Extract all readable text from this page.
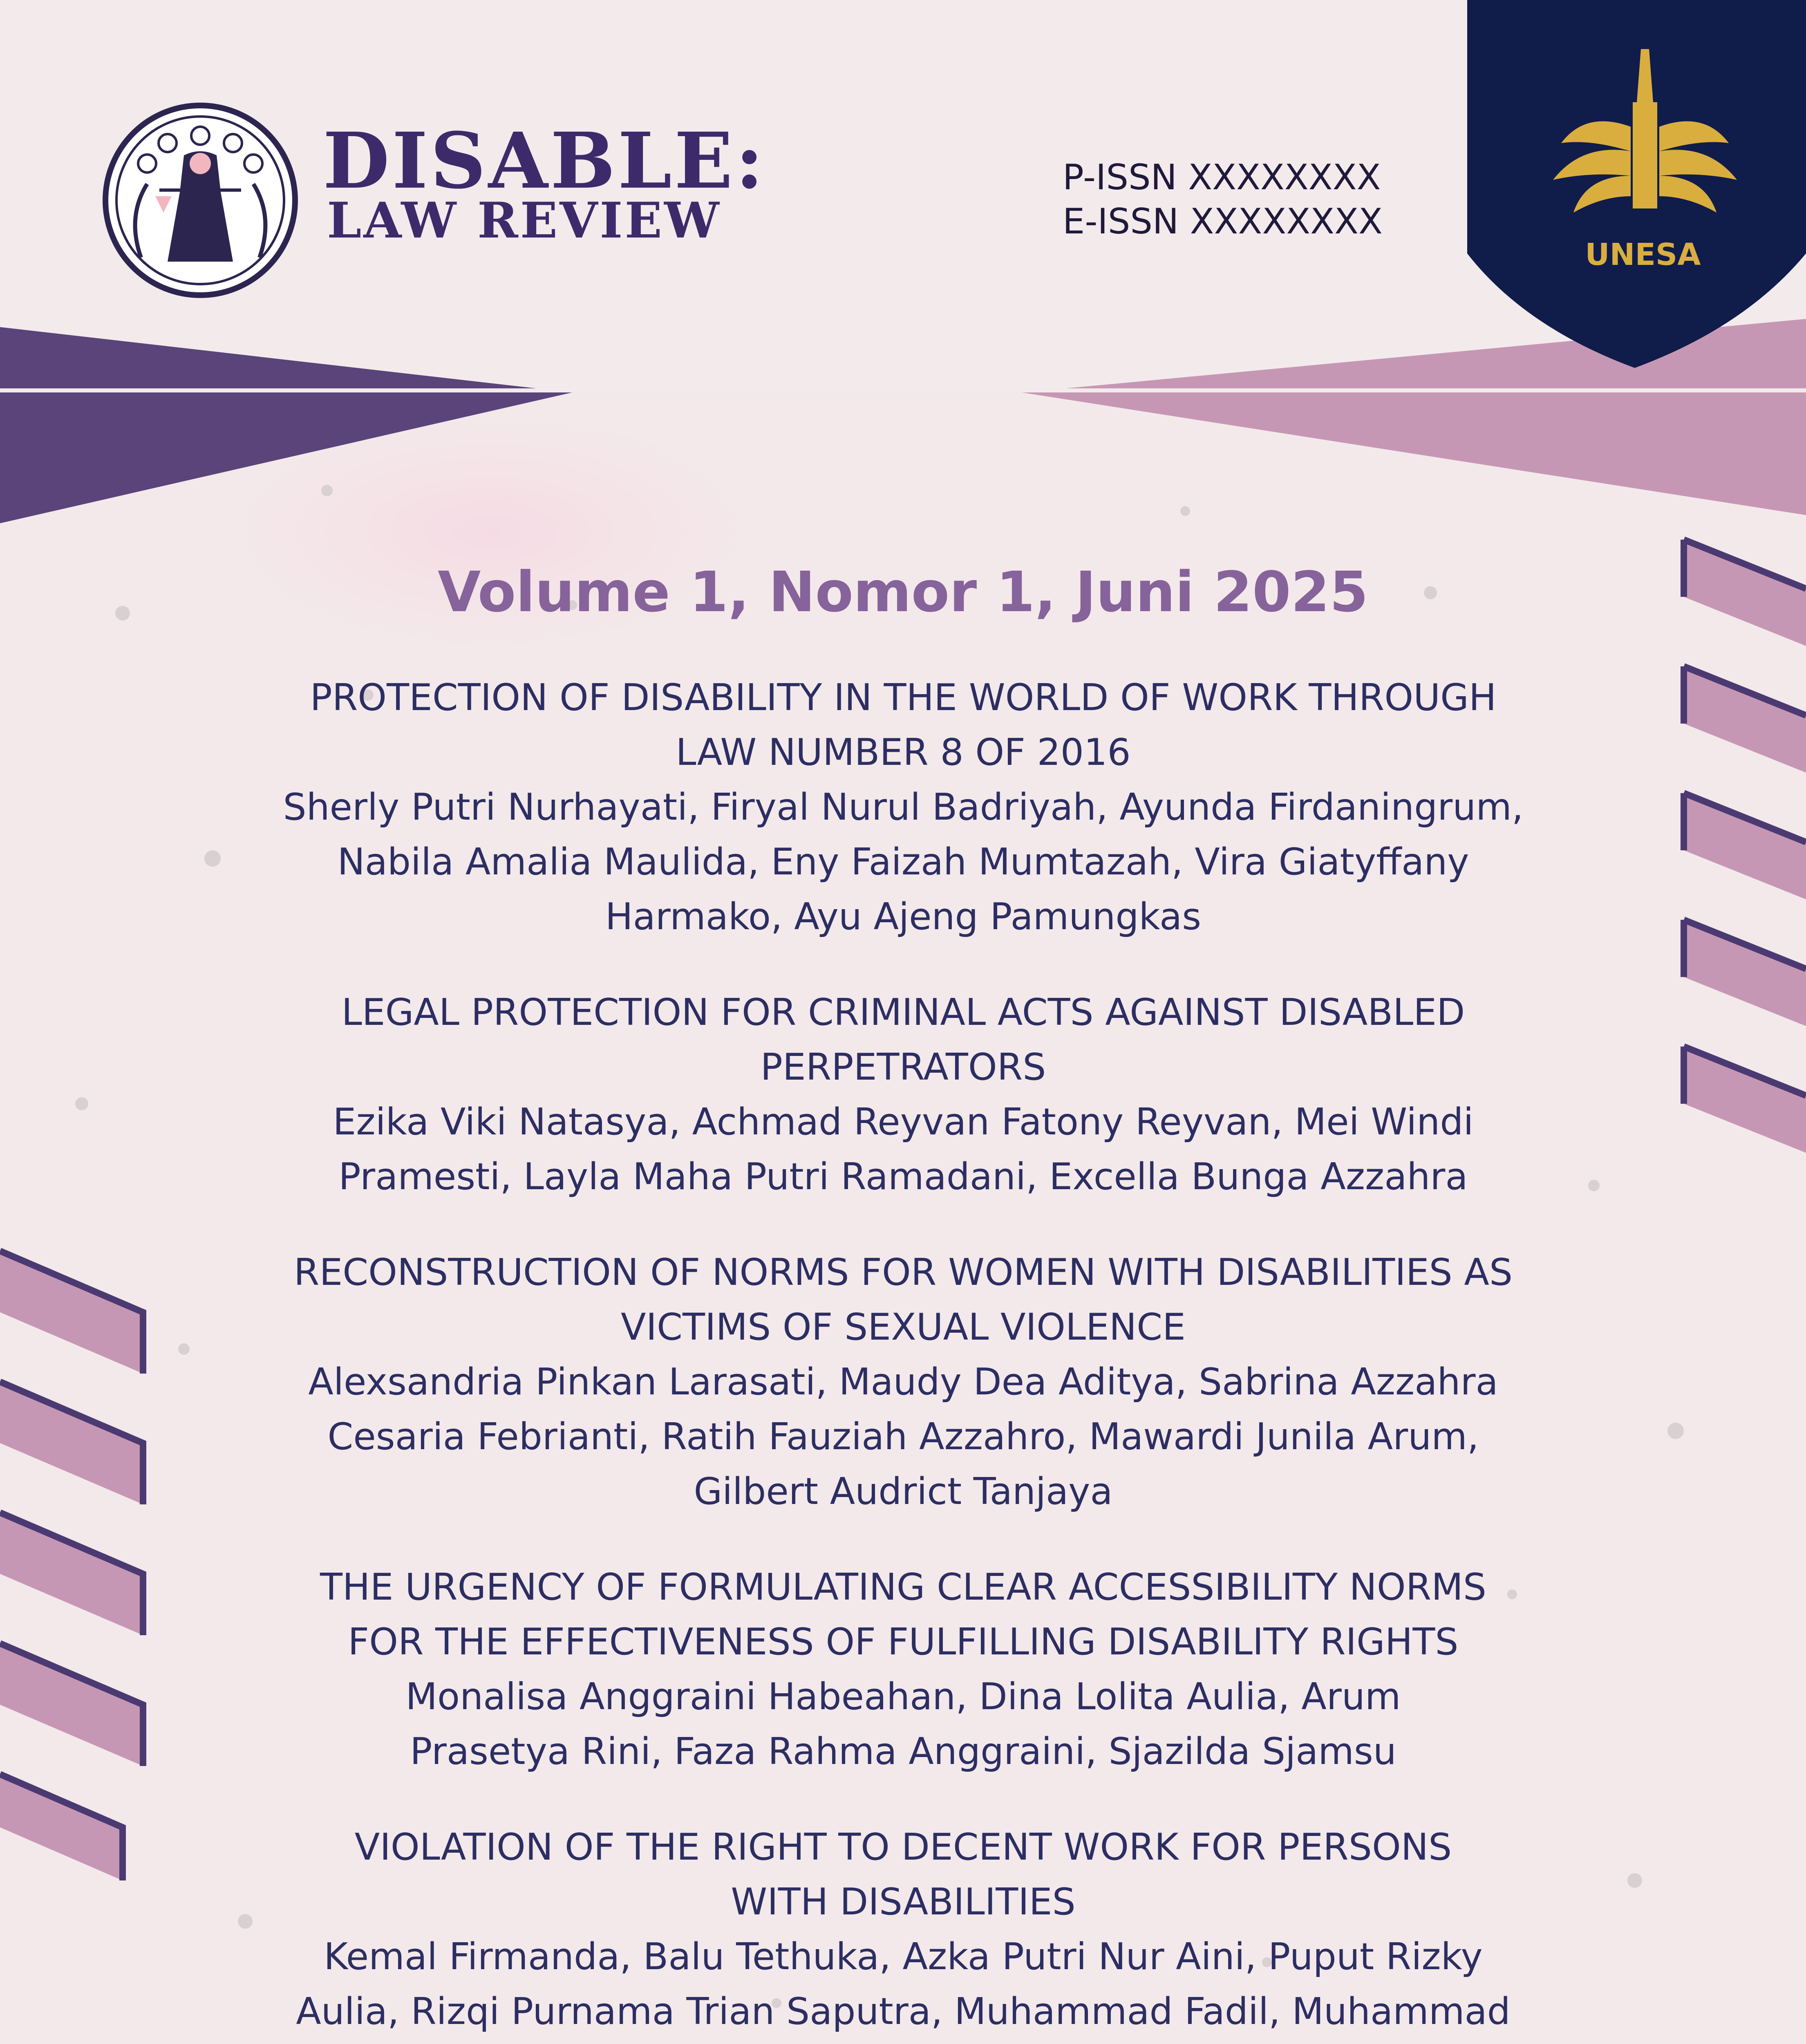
DISABLE:
LAW REVIEW
P-ISSN XXXXXXXX
E-ISSN XXXXXXXX
UNESA
Volume 1, Nomor 1, Juni 2025
PROTECTION OF DISABILITY IN THE WORLD OF WORK THROUGH
LAW NUMBER 8 OF 2016
Sherly Putri Nurhayati, Firyal Nurul Badriyah, Ayunda Firdaningrum,
Nabila Amalia Maulida, Eny Faizah Mumtazah, Vira Giatyffany
Harmako, Ayu Ajeng Pamungkas
LEGAL PROTECTION FOR CRIMINAL ACTS AGAINST DISABLED
PERPETRATORS
Ezika Viki Natasya, Achmad Reyvan Fatony Reyvan, Mei Windi
Pramesti, Layla Maha Putri Ramadani, Excella Bunga Azzahra
RECONSTRUCTION OF NORMS FOR WOMEN WITH DISABILITIES AS
VICTIMS OF SEXUAL VIOLENCE
Alexsandria Pinkan Larasati, Maudy Dea Aditya, Sabrina Azzahra
Cesaria Febrianti, Ratih Fauziah Azzahro, Mawardi Junila Arum,
Gilbert Audrict Tanjaya
THE URGENCY OF FORMULATING CLEAR ACCESSIBILITY NORMS
FOR THE EFFECTIVENESS OF FULFILLING DISABILITY RIGHTS
Monalisa Anggraini Habeahan, Dina Lolita Aulia, Arum
Prasetya Rini, Faza Rahma Anggraini, Sjazilda Sjamsu
VIOLATION OF THE RIGHT TO DECENT WORK FOR PERSONS
WITH DISABILITIES
Kemal Firmanda, Balu Tethuka, Azka Putri Nur Aini, Puput Rizky
Aulia, Rizqi Purnama Trian Saputra, Muhammad Fadil, Muhammad
